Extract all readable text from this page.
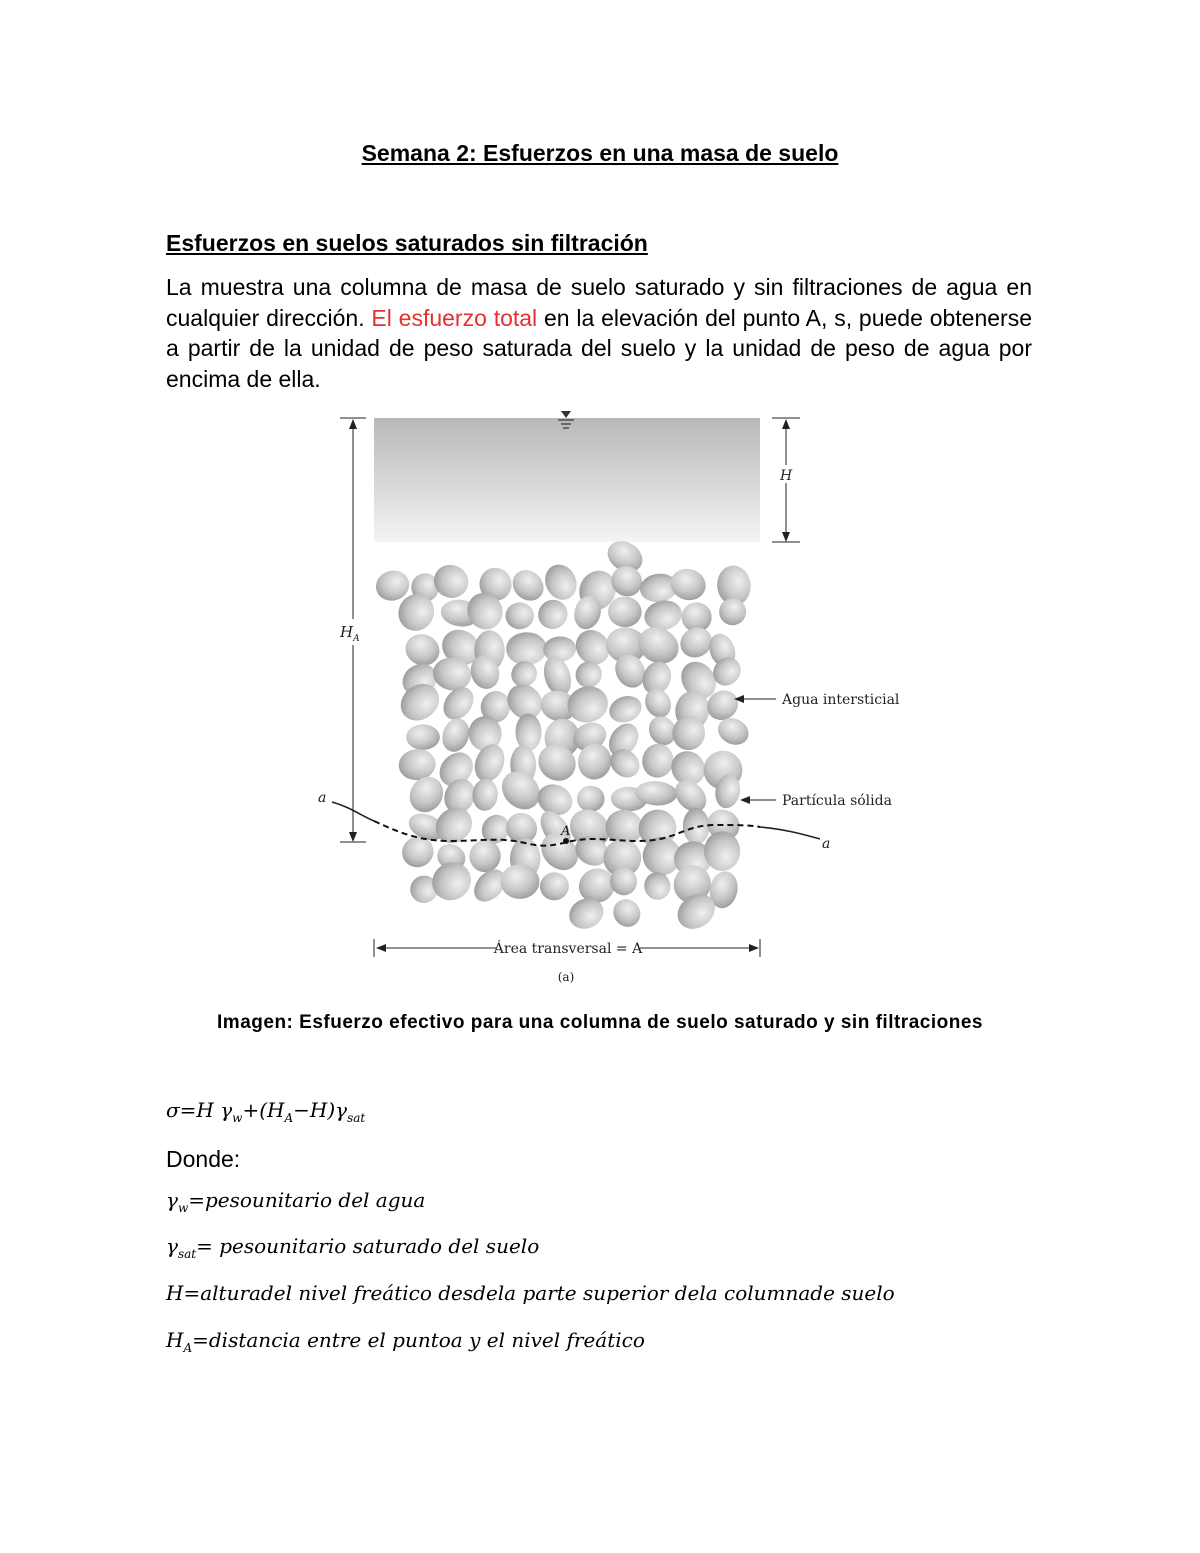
Semana 2: Esfuerzos en una masa de suelo
Esfuerzos en suelos saturados sin filtración
La muestra una columna de masa de suelo saturado y sin filtraciones de agua en cualquier dirección. El esfuerzo total en la elevación del punto A, s, puede obtenerse a partir de la unidad de peso saturada del suelo y la unidad de peso de agua por encima de ella.
H
$H_A$
a
a
A
Agua intersticial
Partícula sólida
Área transversal = A
(a)
Imagen: Esfuerzo efectivo para una columna de suelo saturado y sin filtraciones
σ=H $\gamma_w+(H_A-H)\gamma_{sat}$
Donde:
$\gamma_w=pesounitario$ del agua
$\gamma_{sat}=$ pesounitario saturado del suelo
H=alturadel nivel freático desdela parte superior dela columnade suelo
$H_A=distancia$ entre el puntoa y el nivel freático
